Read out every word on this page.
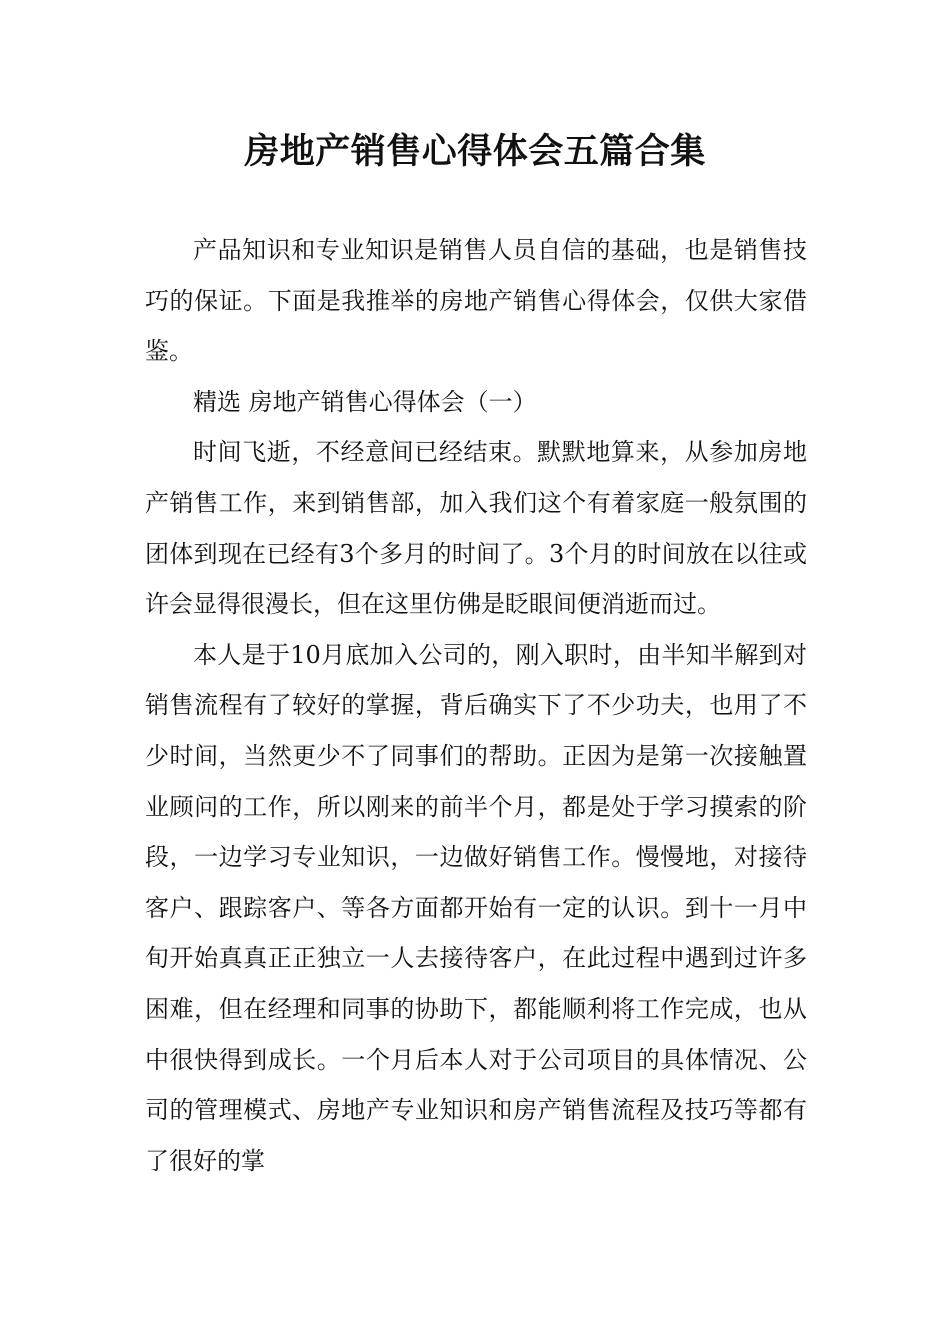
房地产销售心得体会五篇合集

产品知识和专业知识是销售人员自信的基础，也是销售技巧的保证。下面是我推举的房地产销售心得体会，仅供大家借鉴。

精选 房地产销售心得体会（一）

时间飞逝，不经意间已经结束。默默地算来，从参加房地产销售工作，来到销售部，加入我们这个有着家庭一般氛围的团体到现在已经有3个多月的时间了。3个月的时间放在以往或许会显得很漫长，但在这里仿佛是眨眼间便消逝而过。

本人是于10月底加入公司的，刚入职时，由半知半解到对销售流程有了较好的掌握，背后确实下了不少功夫，也用了不少时间，当然更少不了同事们的帮助。正因为是第一次接触置业顾问的工作，所以刚来的前半个月，都是处于学习摸索的阶段，一边学习专业知识，一边做好销售工作。慢慢地，对接待客户、跟踪客户、等各方面都开始有一定的认识。到十一月中旬开始真真正正独立一人去接待客户，在此过程中遇到过许多困难，但在经理和同事的协助下，都能顺利将工作完成，也从中很快得到成长。一个月后本人对于公司项目的具体情况、公司的管理模式、房地产专业知识和房产销售流程及技巧等都有了很好的掌
